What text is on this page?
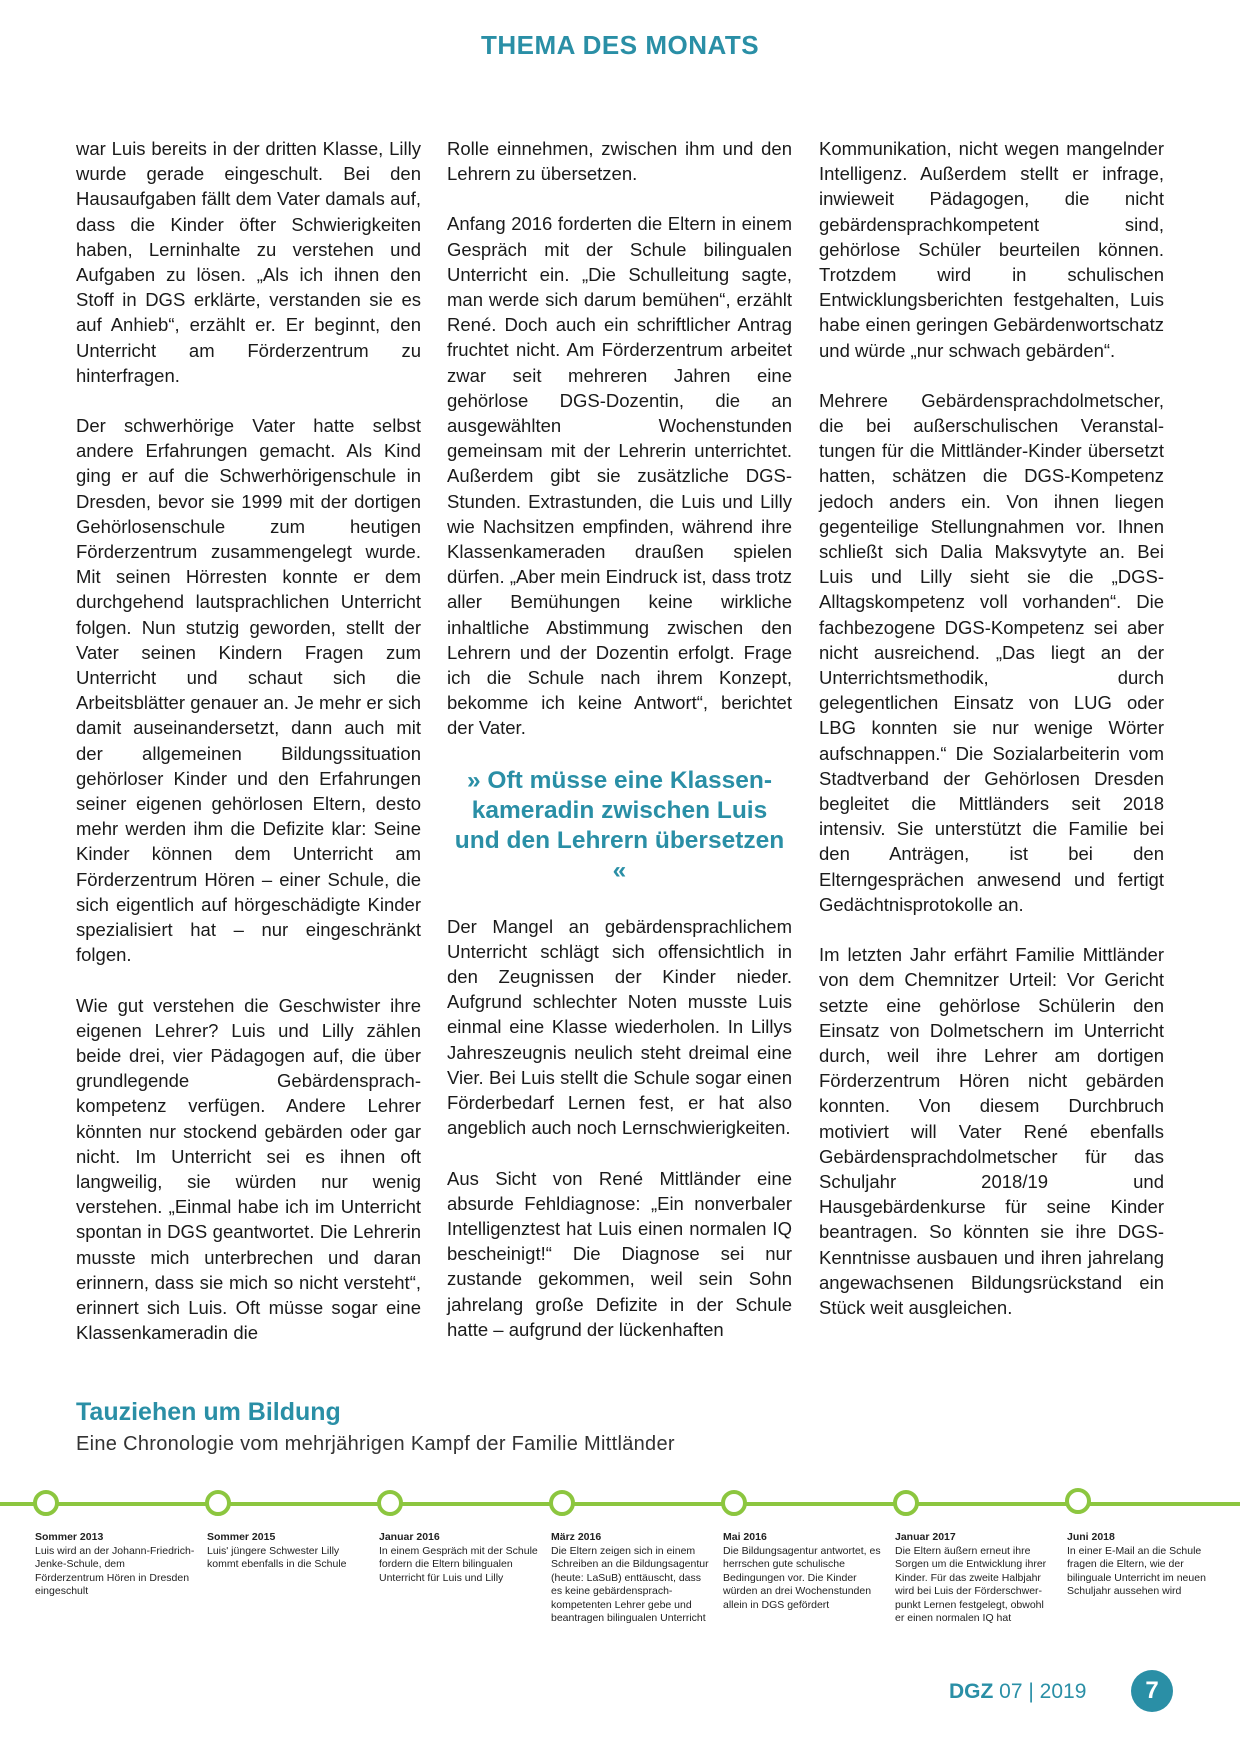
THEMA DES MONATS

war Luis bereits in der dritten Klasse, Lilly wurde gerade eingeschult. Bei den Hausaufgaben fällt dem Vater damals auf, dass die Kinder öfter Schwierigkeiten haben, Lerninhalte zu verstehen und Aufgaben zu lösen. „Als ich ihnen den Stoff in DGS erklärte, verstanden sie es auf Anhieb“, erzählt er. Er beginnt, den Unterricht am Förderzentrum zu hinterfragen.

Der schwerhörige Vater hatte selbst andere Erfahrungen gemacht. Als Kind ging er auf die Schwerhörigenschule in Dresden, bevor sie 1999 mit der dortigen Gehörlosenschule zum heutigen Förderzentrum zusammengelegt wurde. Mit seinen Hörresten konnte er dem durchgehend lautsprachlichen Unterricht folgen. Nun stutzig geworden, stellt der Vater seinen Kindern Fragen zum Unterricht und schaut sich die Arbeitsblätter genauer an. Je mehr er sich damit auseinandersetzt, dann auch mit der allgemeinen Bildungssituation gehörloser Kinder und den Erfahrungen seiner eigenen gehörlosen Eltern, desto mehr werden ihm die Defizite klar: Seine Kinder können dem Unterricht am Förderzentrum Hören – einer Schule, die sich eigentlich auf hörgeschädigte Kinder spezialisiert hat – nur eingeschränkt folgen.

Wie gut verstehen die Geschwister ihre eigenen Lehrer? Luis und Lilly zählen beide drei, vier Pädagogen auf, die über grundlegende Gebärdensprach-kompetenz verfügen. Andere Lehrer könnten nur stockend gebärden oder gar nicht. Im Unterricht sei es ihnen oft langweilig, sie würden nur wenig verstehen. „Einmal habe ich im Unterricht spontan in DGS geantwortet. Die Lehrerin musste mich unterbrechen und daran erinnern, dass sie mich so nicht versteht“, erinnert sich Luis. Oft müsse sogar eine Klassenkameradin die

Rolle einnehmen, zwischen ihm und den Lehrern zu übersetzen.

Anfang 2016 forderten die Eltern in einem Gespräch mit der Schule bilingualen Unterricht ein. „Die Schulleitung sagte, man werde sich darum bemühen“, erzählt René. Doch auch ein schriftlicher Antrag fruchtet nicht. Am Förderzentrum arbeitet zwar seit mehreren Jahren eine gehörlose DGS-Dozentin, die an ausgewählten Wochenstunden gemeinsam mit der Lehrerin unterrichtet. Außerdem gibt sie zusätzliche DGS-Stunden. Extrastunden, die Luis und Lilly wie Nachsitzen empfinden, während ihre Klassenkameraden draußen spielen dürfen. „Aber mein Eindruck ist, dass trotz aller Bemühungen keine wirkliche inhaltliche Abstimmung zwischen den Lehrern und der Dozentin erfolgt. Frage ich die Schule nach ihrem Konzept, bekomme ich keine Antwort“, berichtet der Vater.

» Oft müsse eine Klassen-kameradin zwischen Luis und den Lehrern übersetzen «

Der Mangel an gebärdensprachlichem Unterricht schlägt sich offensichtlich in den Zeugnissen der Kinder nieder. Aufgrund schlechter Noten musste Luis einmal eine Klasse wiederholen. In Lillys Jahreszeugnis neulich steht dreimal eine Vier. Bei Luis stellt die Schule sogar einen Förderbedarf Lernen fest, er hat also angeblich auch noch Lernschwierigkeiten.

Aus Sicht von René Mittländer eine absurde Fehldiagnose: „Ein nonverbaler Intelligenztest hat Luis einen normalen IQ bescheinigt!“ Die Diagnose sei nur zustande gekommen, weil sein Sohn jahrelang große Defizite in der Schule hatte – aufgrund der lückenhaften

Kommunikation, nicht wegen mangelnder Intelligenz. Außerdem stellt er infrage, inwieweit Pädagogen, die nicht gebärdensprachkompetent sind, gehörlose Schüler beurteilen können. Trotzdem wird in schulischen Entwicklungsberichten festgehalten, Luis habe einen geringen Gebärdenwortschatz und würde „nur schwach gebärden“.

Mehrere Gebärdensprachdolmetscher, die bei außerschulischen Veranstal-tungen für die Mittländer-Kinder übersetzt hatten, schätzen die DGS-Kompetenz jedoch anders ein. Von ihnen liegen gegenteilige Stellungnahmen vor. Ihnen schließt sich Dalia Maksvytyte an. Bei Luis und Lilly sieht sie die „DGS-Alltagskompetenz voll vorhanden“. Die fachbezogene DGS-Kompetenz sei aber nicht ausreichend. „Das liegt an der Unterrichtsmethodik, durch gelegentlichen Einsatz von LUG oder LBG konnten sie nur wenige Wörter aufschnappen.“ Die Sozialarbeiterin vom Stadtverband der Gehörlosen Dresden begleitet die Mittländers seit 2018 intensiv. Sie unterstützt die Familie bei den Anträgen, ist bei den Elterngesprächen anwesend und fertigt Gedächtnisprotokolle an.

Im letzten Jahr erfährt Familie Mittländer von dem Chemnitzer Urteil: Vor Gericht setzte eine gehörlose Schülerin den Einsatz von Dolmetschern im Unterricht durch, weil ihre Lehrer am dortigen Förderzentrum Hören nicht gebärden konnten. Von diesem Durchbruch motiviert will Vater René ebenfalls Gebärdensprachdolmetscher für das Schuljahr 2018/19 und Hausgebärdenkurse für seine Kinder beantragen. So könnten sie ihre DGS-Kenntnisse ausbauen und ihren jahrelang angewachsenen Bildungsrückstand ein Stück weit ausgleichen.

Tauziehen um Bildung
Eine Chronologie vom mehrjährigen Kampf der Familie Mittländer
Sommer 2013
Luis wird an der Johann-Friedrich-Jenke-Schule, dem Förderzentrum Hören in Dresden eingeschult
Sommer 2015
Luis' jüngere Schwester Lilly kommt ebenfalls in die Schule
Januar 2016
In einem Gespräch mit der Schule fordern die Eltern bilingualen Unterricht für Luis und Lilly
März 2016
Die Eltern zeigen sich in einem Schreiben an die Bildungsagentur (heute: LaSuB) enttäuscht, dass es keine gebärdensprach-kompetenten Lehrer gebe und beantragen bilingualen Unterricht
Mai 2016
Die Bildungsagentur antwortet, es herrschen gute schulische Bedingungen vor. Die Kinder würden an drei Wochenstunden allein in DGS gefördert
Januar 2017
Die Eltern äußern erneut ihre Sorgen um die Entwicklung ihrer Kinder. Für das zweite Halbjahr wird bei Luis der Förderschwer-punkt Lernen festgelegt, obwohl er einen normalen IQ hat
Juni 2018
In einer E-Mail an die Schule fragen die Eltern, wie der bilinguale Unterricht im neuen Schuljahr aussehen wird
DGZ 07 | 2019	7
